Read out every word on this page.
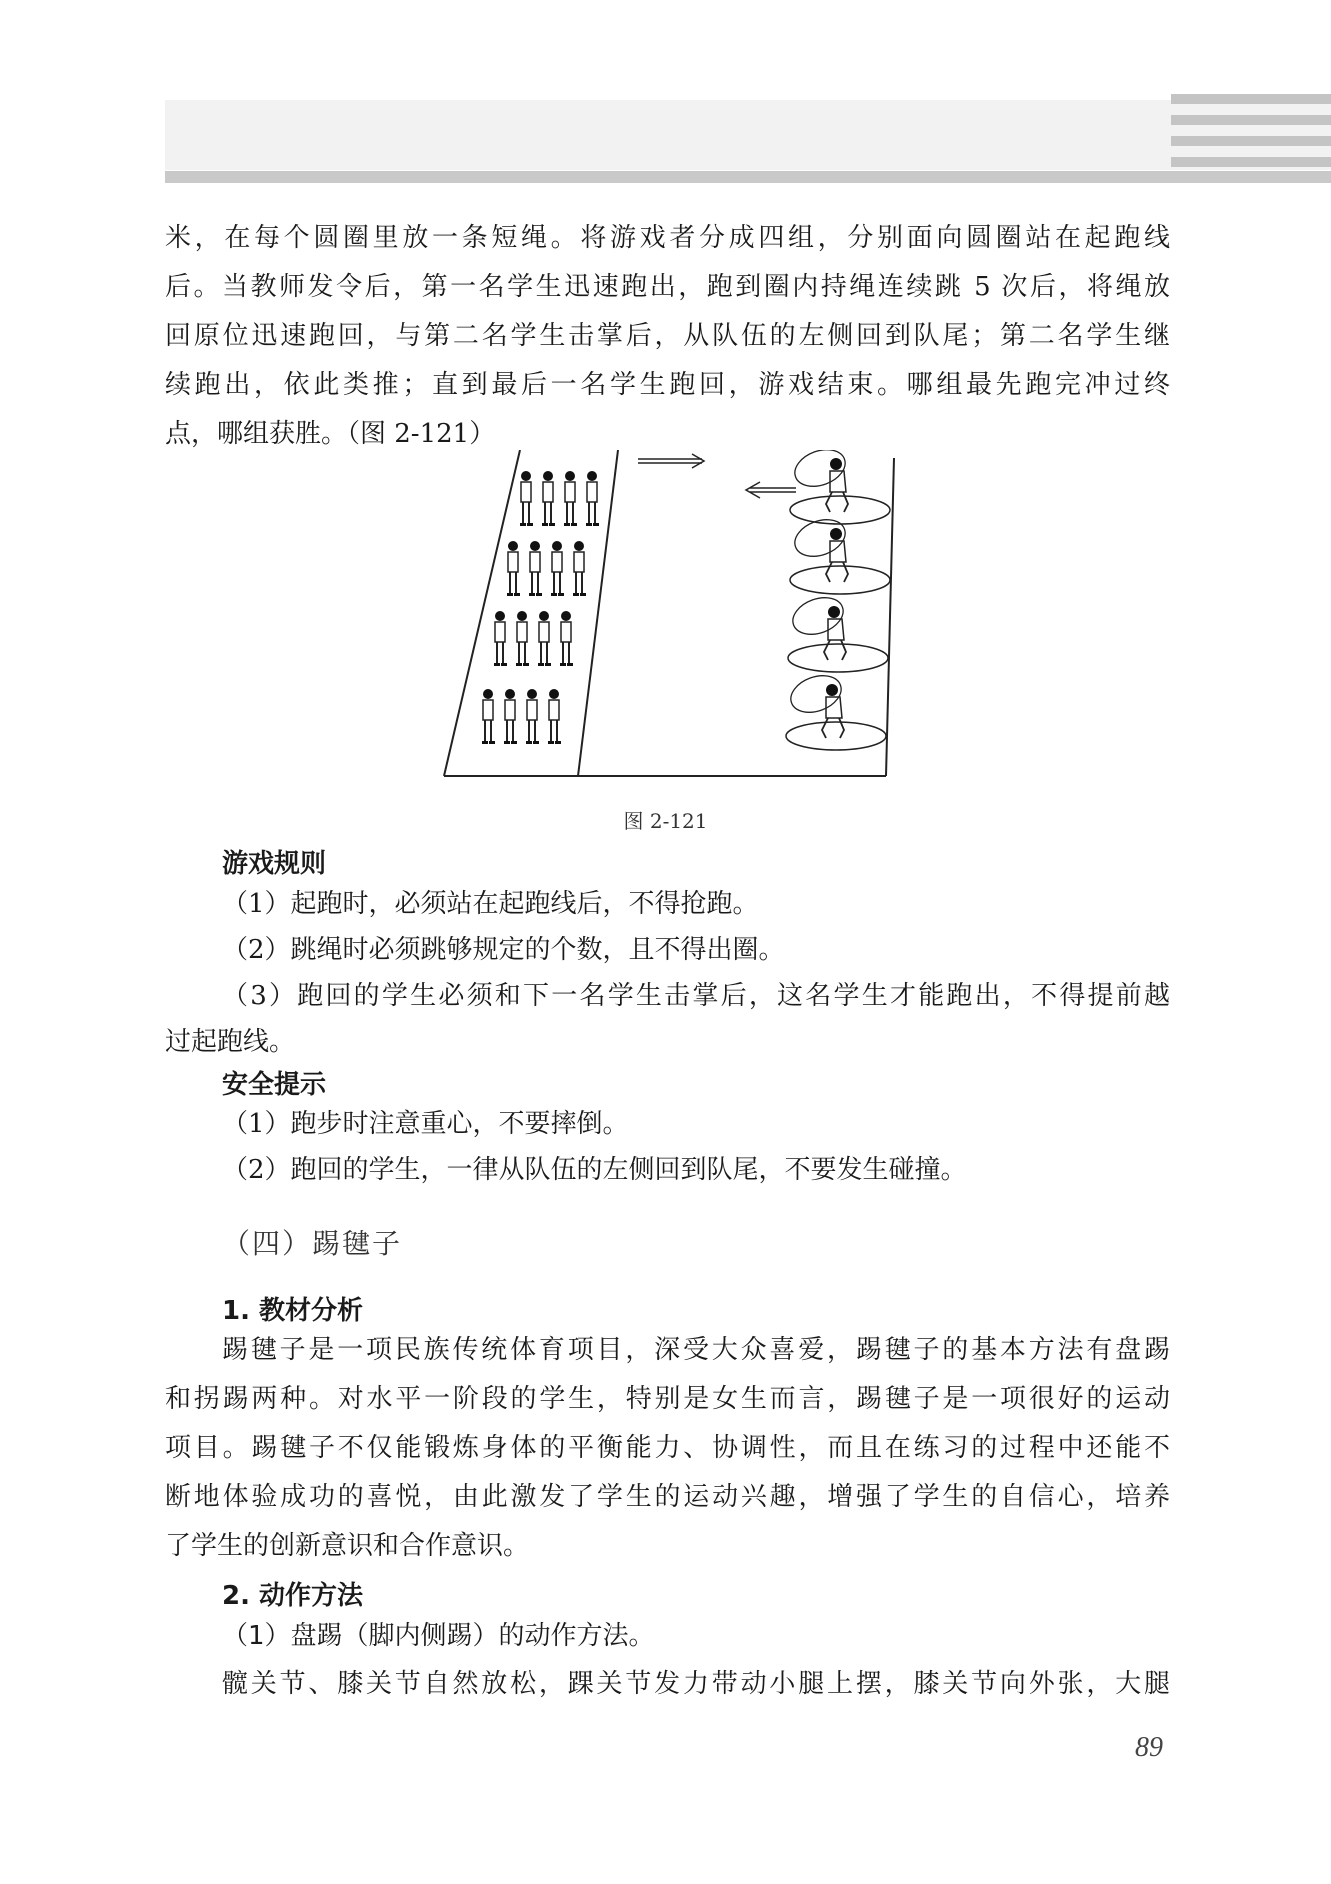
米，在每个圆圈里放一条短绳。将游戏者分成四组，分别面向圆圈站在起跑线

后。当教师发令后，第一名学生迅速跑出，跑到圈内持绳连续跳 5 次后，将绳放

回原位迅速跑回，与第二名学生击掌后，从队伍的左侧回到队尾；第二名学生继

续跑出，依此类推；直到最后一名学生跑回，游戏结束。哪组最先跑完冲过终

点，哪组获胜。（图 2-121）

图 2-121
游戏规则

（1）起跑时，必须站在起跑线后，不得抢跑。

（2）跳绳时必须跳够规定的个数，且不得出圈。

（3）跑回的学生必须和下一名学生击掌后，这名学生才能跑出，不得提前越

过起跑线。

安全提示

（1）跑步时注意重心，不要摔倒。

（2）跑回的学生，一律从队伍的左侧回到队尾，不要发生碰撞。

（四）踢毽子
1. 教材分析

踢毽子是一项民族传统体育项目，深受大众喜爱，踢毽子的基本方法有盘踢

和拐踢两种。对水平一阶段的学生，特别是女生而言，踢毽子是一项很好的运动

项目。踢毽子不仅能锻炼身体的平衡能力、协调性，而且在练习的过程中还能不

断地体验成功的喜悦，由此激发了学生的运动兴趣，增强了学生的自信心，培养

了学生的创新意识和合作意识。

2. 动作方法

（1）盘踢（脚内侧踢）的动作方法。

髋关节、膝关节自然放松，踝关节发力带动小腿上摆，膝关节向外张，大腿

89
